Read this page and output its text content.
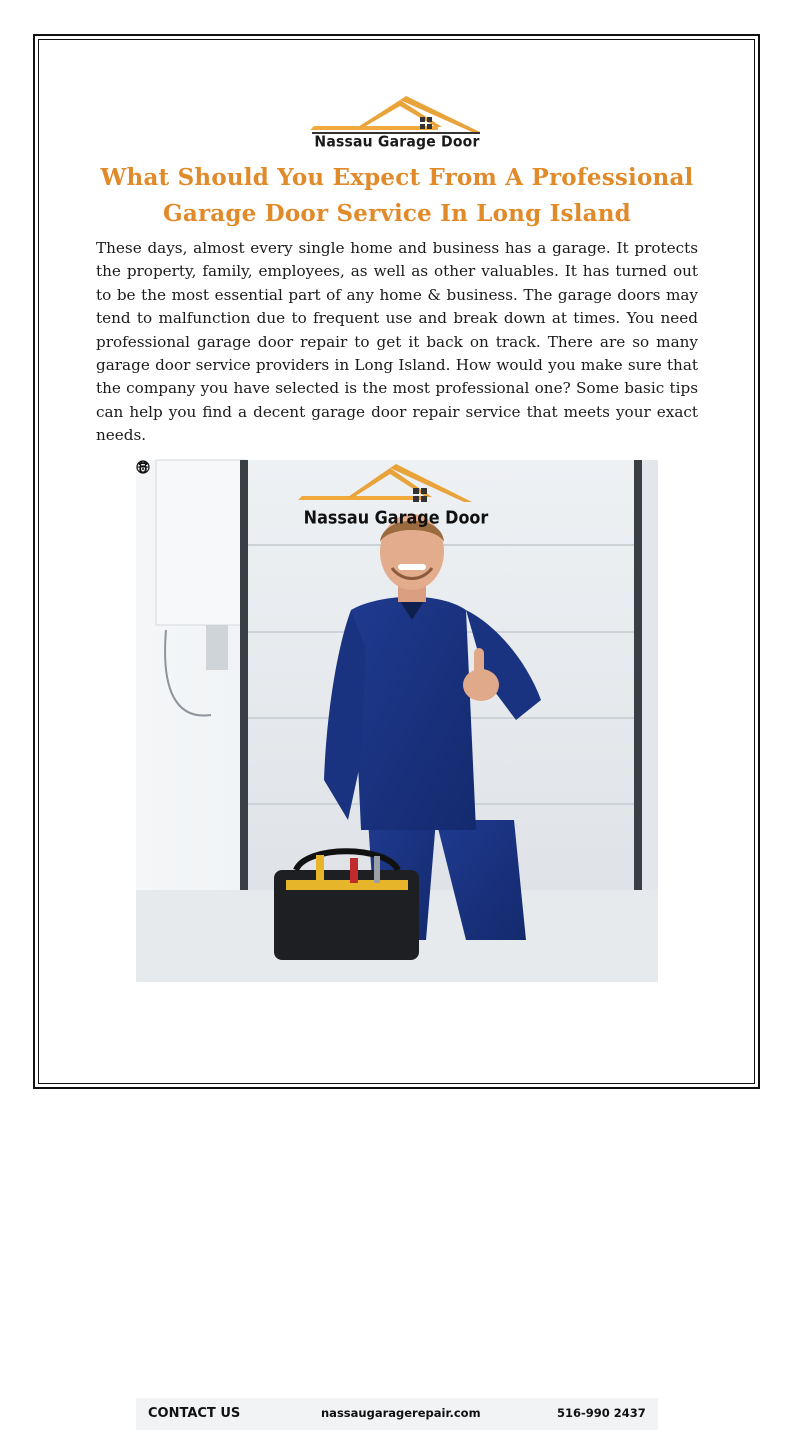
Nassau Garage Door
What Should You Expect From A Professional
Garage Door Service In Long Island
These days, almost every single home and business has a garage. It protects the property, family, employees, as well as other valuables. It has turned out to be the most essential part of any home & business. The garage doors may tend to malfunction due to frequent use and break down at times. You need professional garage door repair to get it back on track. There are so many garage door service providers in Long Island. How would you make sure that the company you have selected is the most professional one? Some basic tips can help you find a decent garage door repair service that meets your exact needs.
Nassau Garage Door
CONTACT US	nassaugaragerepair.com	516-990 2437
